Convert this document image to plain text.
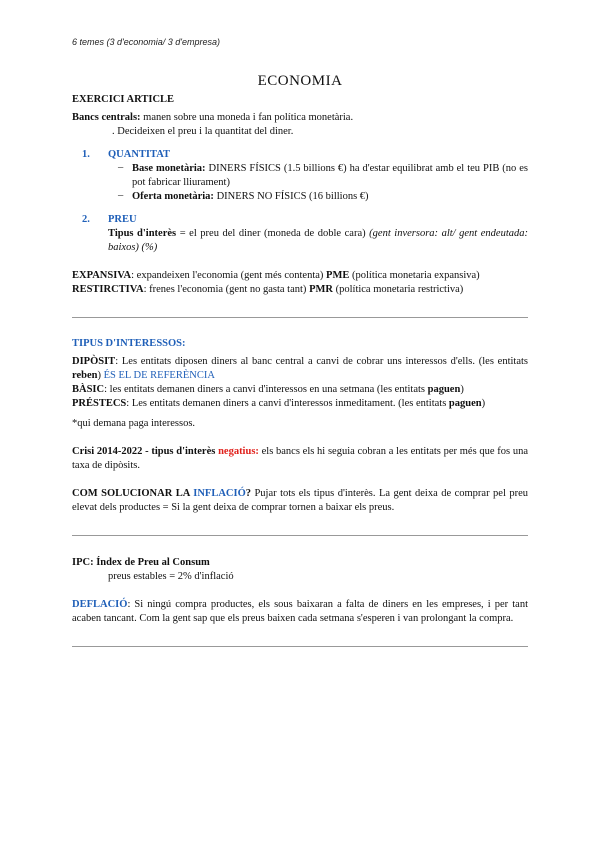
6 temes (3 d'economia/ 3 d'empresa)
ECONOMIA
EXERCICI ARTICLE

Bancs centrals: manen sobre una moneda i fan política monetària.

. Decideixen el preu i la quantitat del diner.

1.	QUANTITAT
– Base monetària: DINERS FÍSICS (1.5 billions €) ha d'estar equilibrat amb el teu PIB (no es pot fabricar lliurament)

– Oferta monetària: DINERS NO FÍSICS (16 billions €)

2.	PREU

Tipus d'interès = el preu del diner (moneda de doble cara) (gent inversora: alt/ gent endeutada: baixos) (%)

EXPANSIVA: expandeixen l'economia (gent més contenta) PME (política monetaria expansiva)

RESTIRCTIVA: frenes l'economia (gent no gasta tant) PMR (política monetaria restrictiva)

TIPUS D'INTERESSOS:

DIPÒSIT: Les entitats diposen diners al banc central a canvi de cobrar uns interessos d'ells. (les entitats reben) ÉS EL DE REFERÈNCIA

BÀSIC: les entitats demanen diners a canvi d'interessos en una setmana (les entitats paguen)

PRÉSTECS: Les entitats demanen diners a canvi d'interessos inmeditament. (les entitats paguen)

*qui demana paga interessos.

Crisi 2014-2022 - tipus d'interès negatius: els bancs els hi seguia cobran a les entitats per més que fos una taxa de dipòsits.

COM SOLUCIONAR LA INFLACIÓ? Pujar tots els tipus d'interès. La gent deixa de comprar pel preu elevat dels productes = Si la gent deixa de comprar tornen a baixar els preus.

IPC: Índex de Preu al Consum

preus estables = 2% d'inflació

DEFLACIÓ: Si ningú compra productes, els sous baixaran a falta de diners en les empreses, i per tant acaben tancant. Com la gent sap que els preus baixen cada setmana s'esperen i van prolongant la compra.
